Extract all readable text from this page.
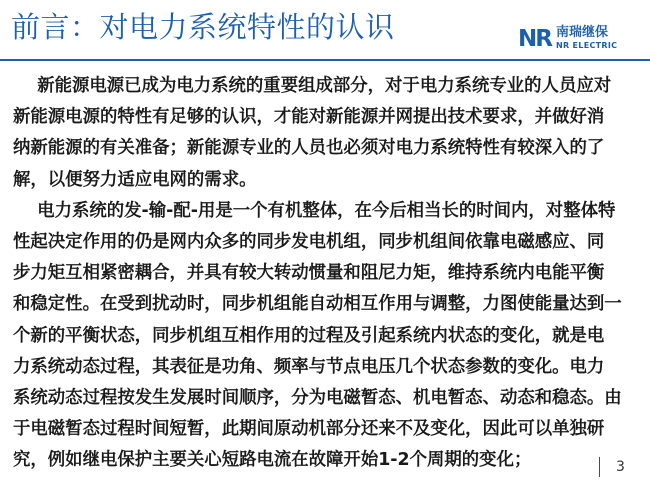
前言：对电力系统特性的认识	NR 南瑞继保
NR ELECTRIC
新能源电源已成为电力系统的重要组成部分，对于电力系统专业的人员应对
新能源电源的特性有足够的认识，才能对新能源并网提出技术要求，并做好消
纳新能源的有关准备；新能源专业的人员也必须对电力系统特性有较深入的了
解，以便努力适应电网的需求。
电力系统的发-输-配-用是一个有机整体，在今后相当长的时间内，对整体特
性起决定作用的仍是网内众多的同步发电机组，同步机组间依靠电磁感应、同
步力矩互相紧密耦合，并具有较大转动惯量和阻尼力矩，维持系统内电能平衡
和稳定性。在受到扰动时，同步机组能自动相互作用与调整，力图使能量达到一
个新的平衡状态，同步机组互相作用的过程及引起系统内状态的变化，就是电
力系统动态过程，其表征是功角、频率与节点电压几个状态参数的变化。电力
系统动态过程按发生发展时间顺序，分为电磁暂态、机电暂态、动态和稳态。由
于电磁暂态过程时间短暂，此期间原动机部分还来不及变化，因此可以单独研
究，例如继电保护主要关心短路电流在故障开始1-2个周期的变化；	3
